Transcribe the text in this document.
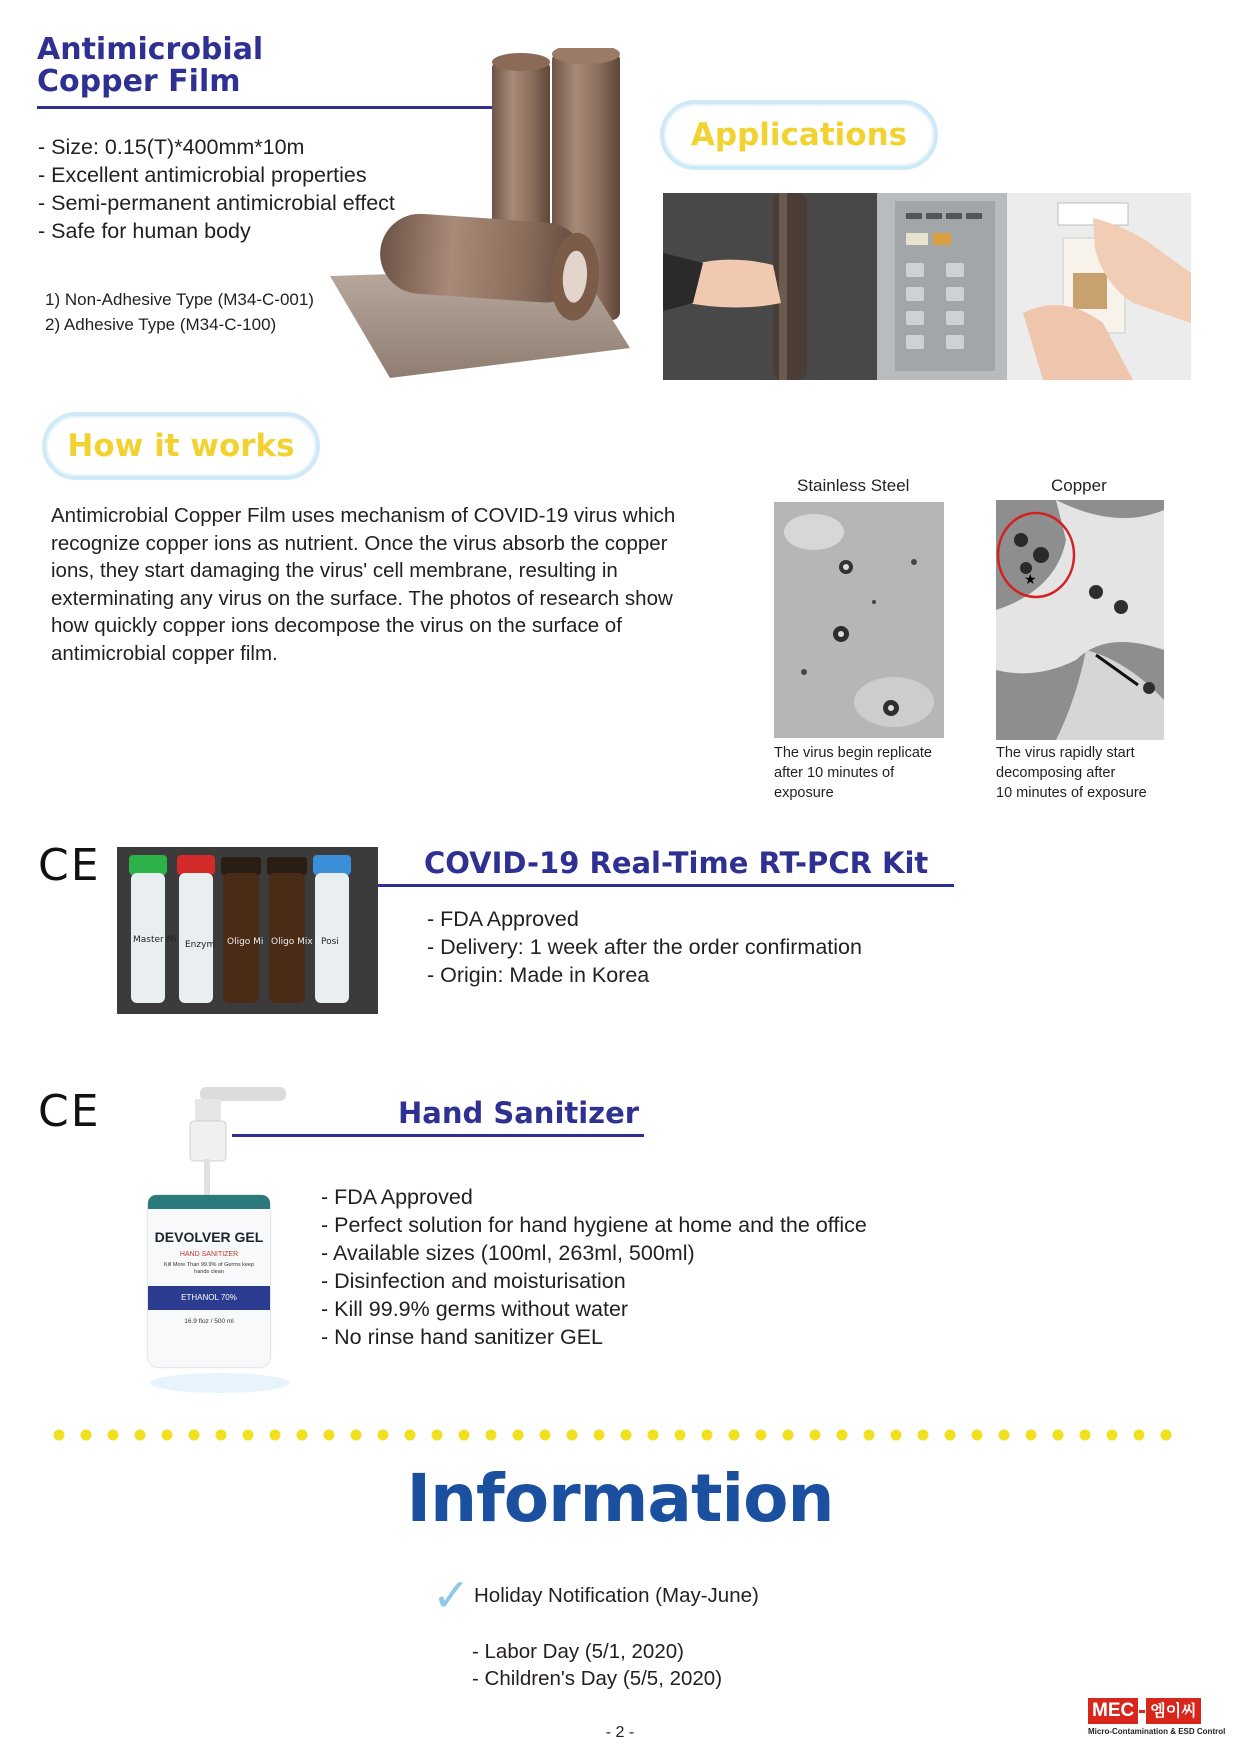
Antimicrobial
Copper Film
- Size: 0.15(T)*400mm*10m
- Excellent antimicrobial properties
- Semi-permanent antimicrobial effect
- Safe for human body
1) Non-Adhesive Type (M34-C-001)
2) Adhesive Type (M34-C-100)
Applications
How it works
Antimicrobial Copper Film uses mechanism of COVID-19 virus which recognize copper ions as nutrient. Once the virus absorb the copper ions, they start damaging the virus' cell membrane, resulting in exterminating any virus on the surface. The photos of research show how quickly copper ions decompose the virus on the surface of antimicrobial copper film.
Stainless Steel	Copper
★
The virus begin replicate
after 10 minutes of
exposure
The virus rapidly start
decomposing after
10 minutes of exposure
CE
Master Mi Enzym Oligo Mi Oligo Mix Posi
COVID-19 Real-Time RT-PCR Kit
- FDA Approved
- Delivery: 1 week after the order confirmation
- Origin: Made in Korea
CE
DEVOLVER GEL
HAND SANITIZER
Kill More Than 99.9% of Germs keep hands clean
ETHANOL 70%
16.9 floz / 500 ml
Hand Sanitizer
- FDA Approved
- Perfect solution for hand hygiene at home and the office
- Available sizes (100ml, 263ml, 500ml)
- Disinfection and moisturisation
- Kill 99.9% germs without water
- No rinse hand sanitizer GEL
Information
✓ Holiday Notification (May-June)
- Labor Day (5/1, 2020)
- Children's Day (5/5, 2020)
- 2 -
MEC 엠이씨
Micro-Contamination & ESD Control
